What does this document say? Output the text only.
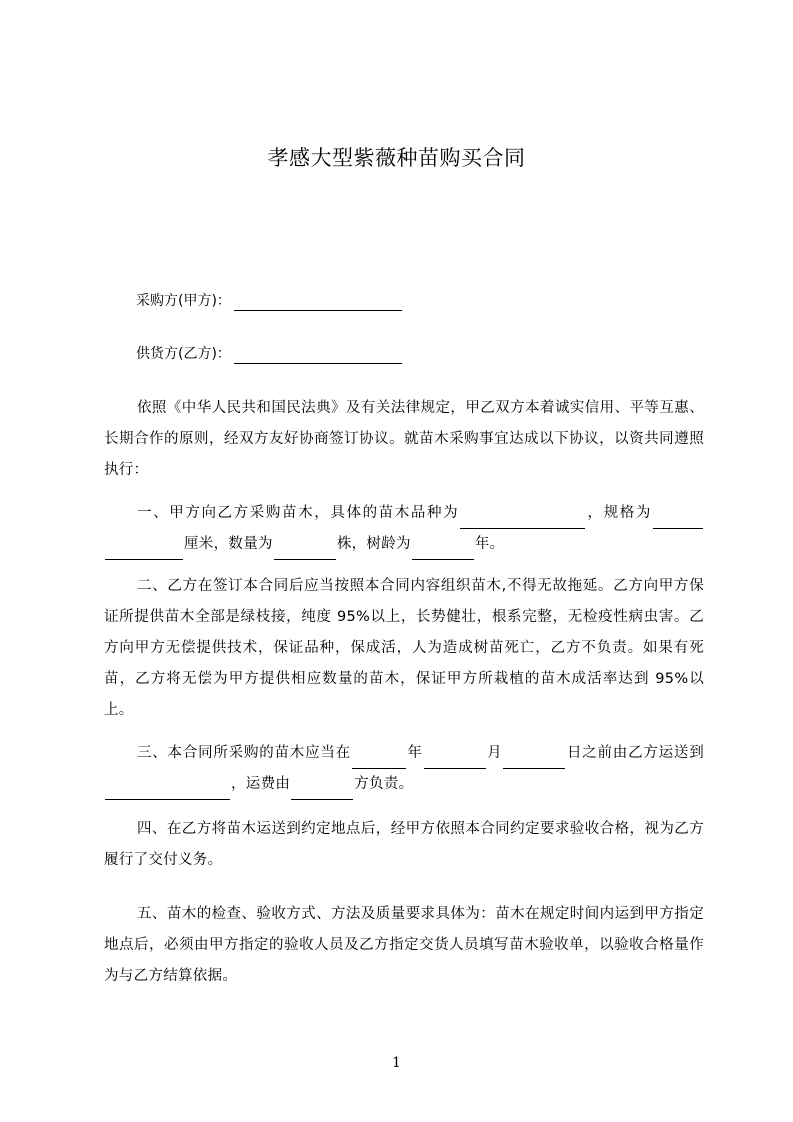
孝感大型紫薇种苗购买合同
采购方(甲方)：
供货方(乙方)：
依照《中华人民共和国民法典》及有关法律规定，甲乙双方本着诚实信用、平等互惠、长期合作的原则，经双方友好协商签订协议。就苗木采购事宜达成以下协议，以资共同遵照执行：
一、甲方向乙方采购苗木，具体的苗木品种为	，规格为厘米，数量为	株，树龄为	年。
二、乙方在签订本合同后应当按照本合同内容组织苗木,不得无故拖延。乙方向甲方保证所提供苗木全部是绿枝接，纯度 95%以上，长势健壮，根系完整，无检疫性病虫害。乙方向甲方无偿提供技术，保证品种，保成活，人为造成树苗死亡，乙方不负责。如果有死苗，乙方将无偿为甲方提供相应数量的苗木，保证甲方所栽植的苗木成活率达到 95%以上。
三、本合同所采购的苗木应当在	年	月	日之前由乙方运送到，运费由	方负责。
四、在乙方将苗木运送到约定地点后，经甲方依照本合同约定要求验收合格，视为乙方履行了交付义务。
五、苗木的检查、验收方式、方法及质量要求具体为：苗木在规定时间内运到甲方指定地点后，必须由甲方指定的验收人员及乙方指定交货人员填写苗木验收单，以验收合格量作为与乙方结算依据。
1
